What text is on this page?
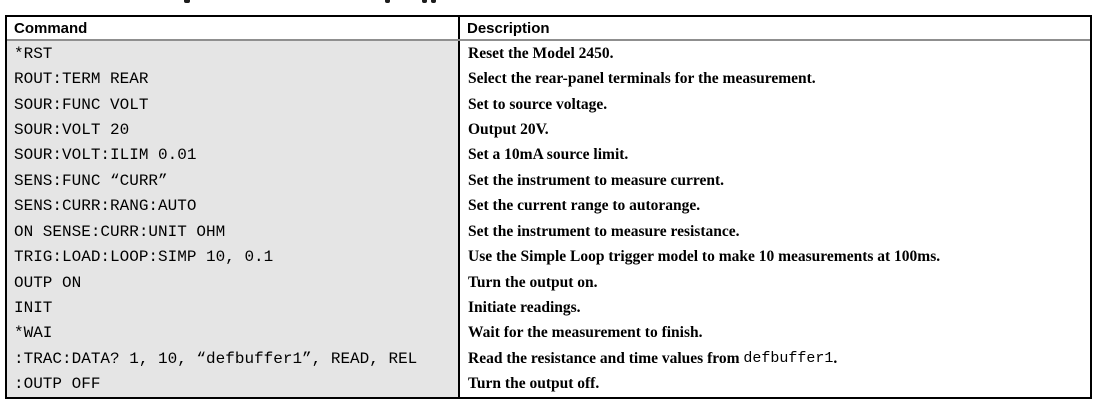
Command	Description
*RST	Reset the Model 2450.
ROUT:TERM REAR	Select the rear-panel terminals for the measurement.
SOUR:FUNC VOLT	Set to source voltage.
SOUR:VOLT 20	Output 20V.
SOUR:VOLT:ILIM 0.01	Set a 10mA source limit.
SENS:FUNC “CURR”	Set the instrument to measure current.
SENS:CURR:RANG:AUTO	Set the current range to autorange.
ON SENSE:CURR:UNIT OHM	Set the instrument to measure resistance.
TRIG:LOAD:LOOP:SIMP 10, 0.1	Use the Simple Loop trigger model to make 10 measurements at 100ms.
OUTP ON	Turn the output on.
INIT	Initiate readings.
*WAI	Wait for the measurement to finish.
:TRAC:DATA? 1, 10, “defbuffer1”, READ, REL	Read the resistance and time values from defbuffer1 .
:OUTP OFF	Turn the output off.
